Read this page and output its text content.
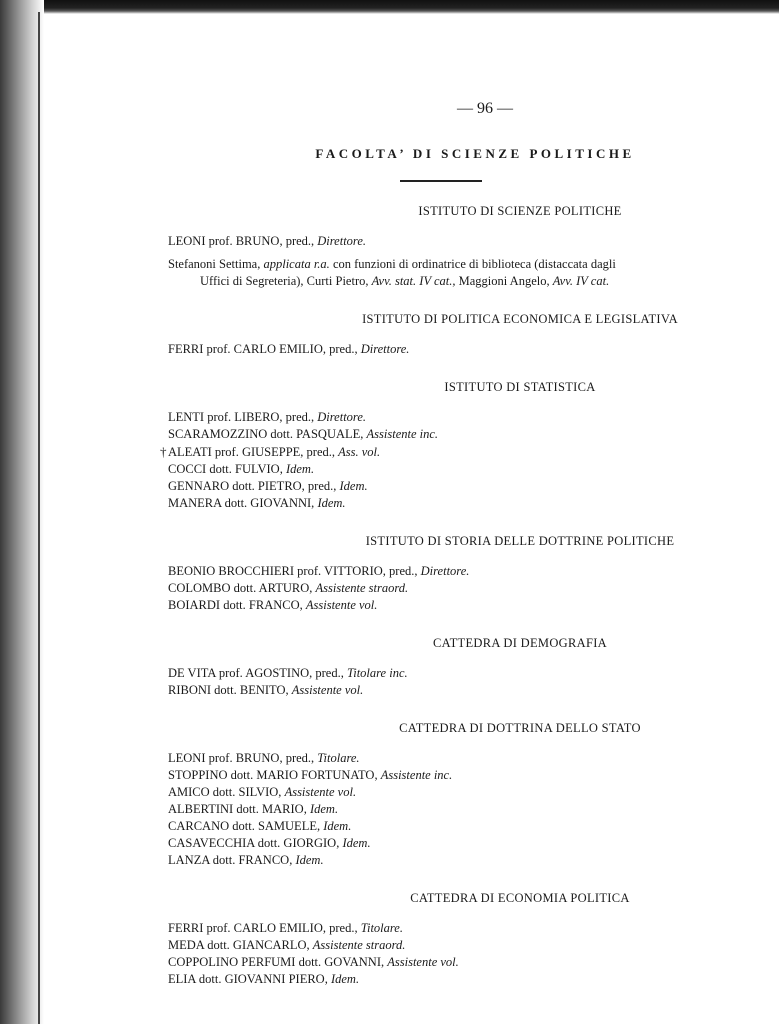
— 96 —
FACOLTA’ DI SCIENZE POLITICHE
ISTITUTO DI SCIENZE POLITICHE
LEONI prof. BRUNO, pred., Direttore.
Stefanoni Settima, applicata r.a. con funzioni di ordinatrice di biblioteca (distaccata dagli
Uffici di Segreteria), Curti Pietro, Avv. stat. IV cat., Maggioni Angelo, Avv. IV cat.
ISTITUTO DI POLITICA ECONOMICA E LEGISLATIVA
FERRI prof. CARLO EMILIO, pred., Direttore.
ISTITUTO DI STATISTICA
LENTI prof. LIBERO, pred., Direttore.
SCARAMOZZINO dott. PASQUALE, Assistente inc.
† ALEATI prof. GIUSEPPE, pred., Ass. vol.
COCCI dott. FULVIO, Idem.
GENNARO dott. PIETRO, pred., Idem.
MANERA dott. GIOVANNI, Idem.
ISTITUTO DI STORIA DELLE DOTTRINE POLITICHE
BEONIO BROCCHIERI prof. VITTORIO, pred., Direttore.
COLOMBO dott. ARTURO, Assistente straord.
BOIARDI dott. FRANCO, Assistente vol.
CATTEDRA DI DEMOGRAFIA
DE VITA prof. AGOSTINO, pred., Titolare inc.
RIBONI dott. BENITO, Assistente vol.
CATTEDRA DI DOTTRINA DELLO STATO
LEONI prof. BRUNO, pred., Titolare.
STOPPINO dott. MARIO FORTUNATO, Assistente inc.
AMICO dott. SILVIO, Assistente vol.
ALBERTINI dott. MARIO, Idem.
CARCANO dott. SAMUELE, Idem.
CASAVECCHIA dott. GIORGIO, Idem.
LANZA dott. FRANCO, Idem.
CATTEDRA DI ECONOMIA POLITICA
FERRI prof. CARLO EMILIO, pred., Titolare.
MEDA dott. GIANCARLO, Assistente straord.
COPPOLINO PERFUMI dott. GOVANNI, Assistente vol.
ELIA dott. GIOVANNI PIERO, Idem.
